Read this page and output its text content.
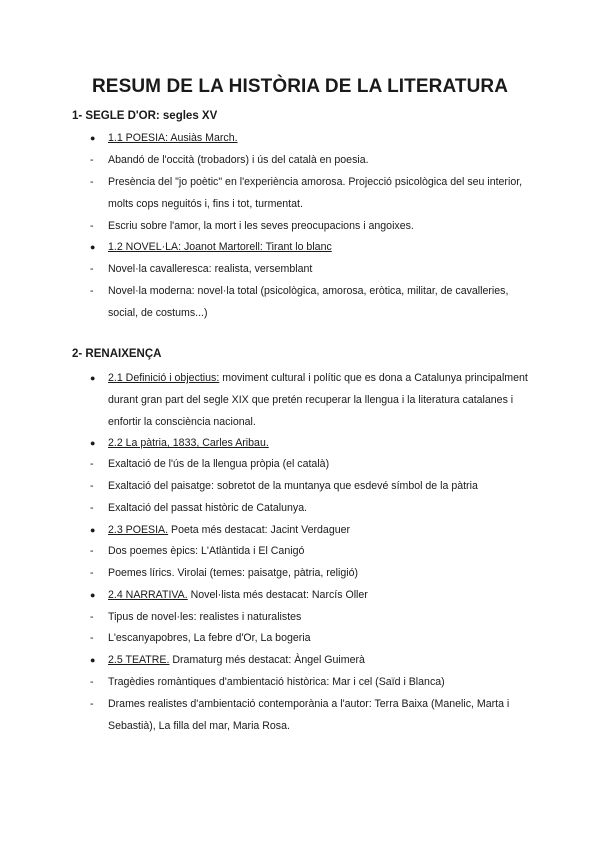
RESUM DE LA HISTÒRIA DE LA LITERATURA
1- SEGLE D'OR: segles XV
●	1.1 POESIA: Ausiàs March.
-	Abandó de l'occità (trobadors) i ús del català en poesia.
-	Presència del "jo poètic" en l'experiència amorosa. Projecció psicològica del seu interior, molts cops neguitós i, fins i tot, turmentat.
-	Escriu sobre l'amor, la mort i les seves preocupacions i angoixes.
●	1.2 NOVEL·LA: Joanot Martorell: Tirant lo blanc
-	Novel·la cavalleresca: realista, versemblant
-	Novel·la moderna: novel·la total (psicològica, amorosa, eròtica, militar, de cavalleries, social, de costums...)
2- RENAIXENÇA
●	2.1 Definició i objectius: moviment cultural i polític que es dona a Catalunya principalment durant gran part del segle XIX que pretén recuperar la llengua i la literatura catalanes i enfortir la consciència nacional.
●	2.2 La pàtria, 1833, Carles Aribau.
-	Exaltació de l'ús de la llengua pròpia (el català)
-	Exaltació del paisatge: sobretot de la muntanya que esdevé símbol de la pàtria
-	Exaltació del passat històric de Catalunya.
●	2.3 POESIA. Poeta més destacat: Jacint Verdaguer
-	Dos poemes èpics: L'Atlàntida i El Canigó
-	Poemes lírics. Virolai (temes: paisatge, pàtria, religió)
●	2.4 NARRATIVA. Novel·lista més destacat: Narcís Oller
-	Tipus de novel·les: realistes i naturalistes
-	L'escanyapobres, La febre d'Or, La bogeria
●	2.5 TEATRE. Dramaturg més destacat: Àngel Guimerà
-	Tragèdies romàntiques d'ambientació històrica: Mar i cel (Saïd i Blanca)
-	Drames realistes d'ambientació contemporània a l'autor: Terra Baixa (Manelic, Marta i Sebastià), La filla del mar, Maria Rosa.
